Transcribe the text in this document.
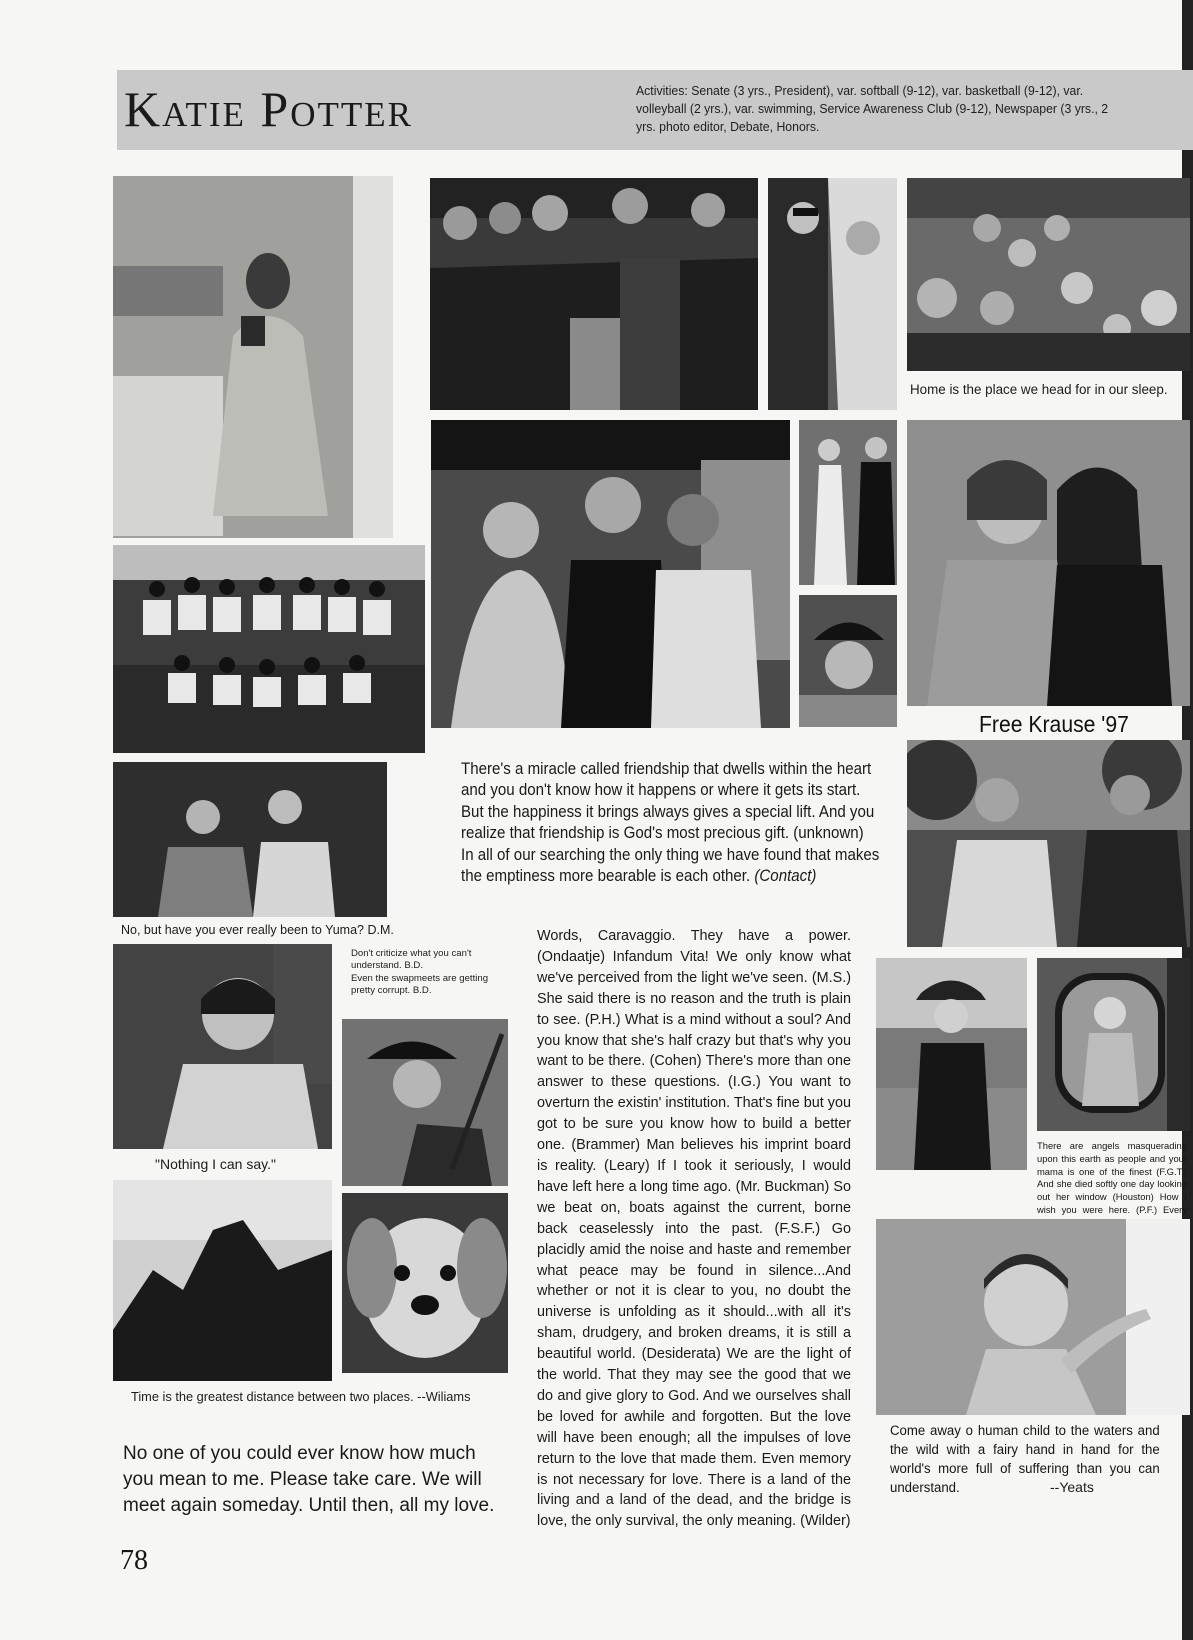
Katie Potter	Activities: Senate (3 yrs., President), var. softball (9-12), var. basketball (9-12), var. volleyball (2 yrs.), var. swimming, Service Awareness Club (9-12), Newspaper (3 yrs., 2 yrs. photo editor, Debate, Honors.
Home is the place we head for in our sleep.
Free Krause '97
No, but have you ever really been to Yuma? D.M.
There's a miracle called friendship that dwells within the heart and you don't know how it happens or where it gets its start. But the happiness it brings always gives a special lift. And you realize that friendship is God's most precious gift. (unknown) In all of our searching the only thing we have found that makes the emptiness more bearable is each other. (Contact)
Don't criticize what you can't understand. B.D.
Even the swapmeets are getting pretty corrupt. B.D.
"Nothing I can say."
Words, Caravaggio. They have a power. (Ondaatje) Infandum Vita! We only know what we've perceived from the light we've seen. (M.S.) She said there is no reason and the truth is plain to see. (P.H.) What is a mind without a soul? And you know that she's half crazy but that's why you want to be there. (Cohen) There's more than one answer to these questions. (I.G.) You want to overturn the existin' institution. That's fine but you got to be sure you know how to build a better one. (Brammer) Man believes his imprint board is reality. (Leary) If I took it seriously, I would have left here a long time ago. (Mr. Buckman) So we beat on, boats against the current, borne back ceaselessly into the past. (F.S.F.) Go placidly amid the noise and haste and remember what peace may be found in silence...And whether or not it is clear to you, no doubt the universe is unfolding as it should...with all it's sham, drudgery, and broken dreams, it is still a beautiful world. (Desiderata) We are the light of the world. That they may see the good that we do and give glory to God. And we ourselves shall be loved for awhile and forgotten. But the love will have been enough; all the impulses of love return to the love that made them. Even memory is not necessary for love. There is a land of the living and a land of the dead, and the bridge is love, the only survival, the only meaning. (Wilder)
There are angels masquerading upon this earth as people and your mama is one of the finest (F.G.T.) And she died softly one day looking out her window (Houston) How I wish you were here. (P.F.) Every
Time is the greatest distance between two places. --Wiliams
Come away o human child to the waters and the wild with a fairy hand in hand for the world's more full of suffering than you can understand.	--Yeats
No one of you could ever know how much you mean to me. Please take care. We will meet again someday. Until then, all my love.
78
